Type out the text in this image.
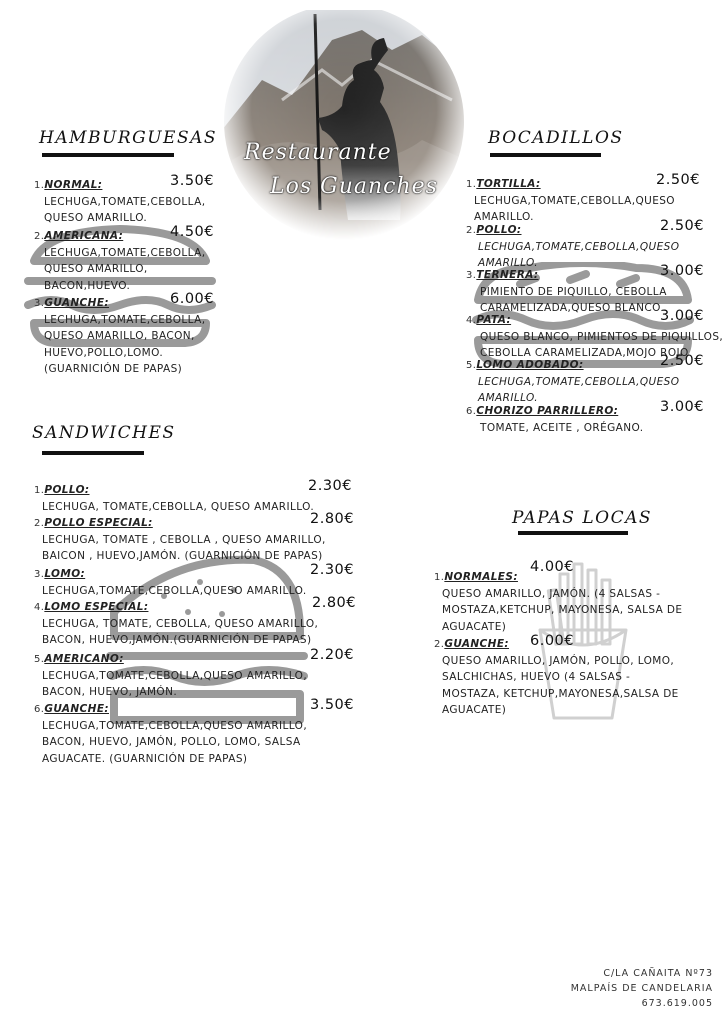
Restaurante
Los Guanches
HAMBURGUESAS
1.NORMAL:	3.50€
LECHUGA,TOMATE,CEBOLLA,
QUESO AMARILLO.
2.AMERICANA:	4.50€
LECHUGA,TOMATE,CEBOLLA,
QUESO AMARILLO,
BACON,HUEVO.
3.GUANCHE:	6.00€
LECHUGA,TOMATE,CEBOLLA,
QUESO AMARILLO, BACON,
HUEVO,POLLO,LOMO.
(GUARNICIÓN DE PAPAS)
BOCADILLOS
1.TORTILLA:	2.50€
LECHUGA,TOMATE,CEBOLLA,QUESO
AMARILLO.
2.POLLO:	2.50€
LECHUGA,TOMATE,CEBOLLA,QUESO
AMARILLO.
3.TERNERA:	3.00€
PIMIENTO DE PIQUILLO, CEBOLLA
CARAMELIZADA,QUESO BLANCO
4.PATA:	3.00€
QUESO BLANCO, PIMIENTOS DE PIQUILLOS,
CEBOLLA CARAMELIZADA,MOJO ROJO
5.LOMO ADOBADO:	2.50€
LECHUGA,TOMATE,CEBOLLA,QUESO
AMARILLO.
6.CHORIZO PARRILLERO:	3.00€
TOMATE, ACEITE , ORÉGANO.
SANDWICHES
1.POLLO:	2.30€
LECHUGA, TOMATE,CEBOLLA, QUESO AMARILLO.
2.POLLO ESPECIAL:	2.80€
LECHUGA, TOMATE , CEBOLLA , QUESO AMARILLO,
BAICON , HUEVO,JAMÓN. (GUARNICIÓN DE PAPAS)
3.LOMO:	2.30€
LECHUGA,TOMATE,CEBOLLA,QUESO AMARILLO.
4.LOMO ESPECIAL:	2.80€
LECHUGA, TOMATE, CEBOLLA, QUESO AMARILLO,
BACON, HUEVO,JAMÓN.(GUARNICIÓN DE PAPAS)
5.AMERICANO:	2.20€
LECHUGA,TOMATE,CEBOLLA,QUESO AMARILLO,
BACON, HUEVO, JAMÓN.
6.GUANCHE:	3.50€
LECHUGA,TOMATE,CEBOLLA,QUESO AMARILLO,
BACON, HUEVO, JAMÓN, POLLO, LOMO, SALSA
AGUACATE. (GUARNICIÓN DE PAPAS)
PAPAS LOCAS
1.NORMALES:
4.00€
QUESO AMARILLO, JAMÓN. (4 SALSAS -
MOSTAZA,KETCHUP, MAYONESA, SALSA DE
AGUACATE)
2.GUANCHE: 6.00€
QUESO AMARILLO, JAMÓN, POLLO, LOMO,
SALCHICHAS, HUEVO (4 SALSAS -
MOSTAZA, KETCHUP,MAYONESA,SALSA DE
AGUACATE)
C/LA CAÑAITA Nº73
MALPAÍS DE CANDELARIA
673.619.005
